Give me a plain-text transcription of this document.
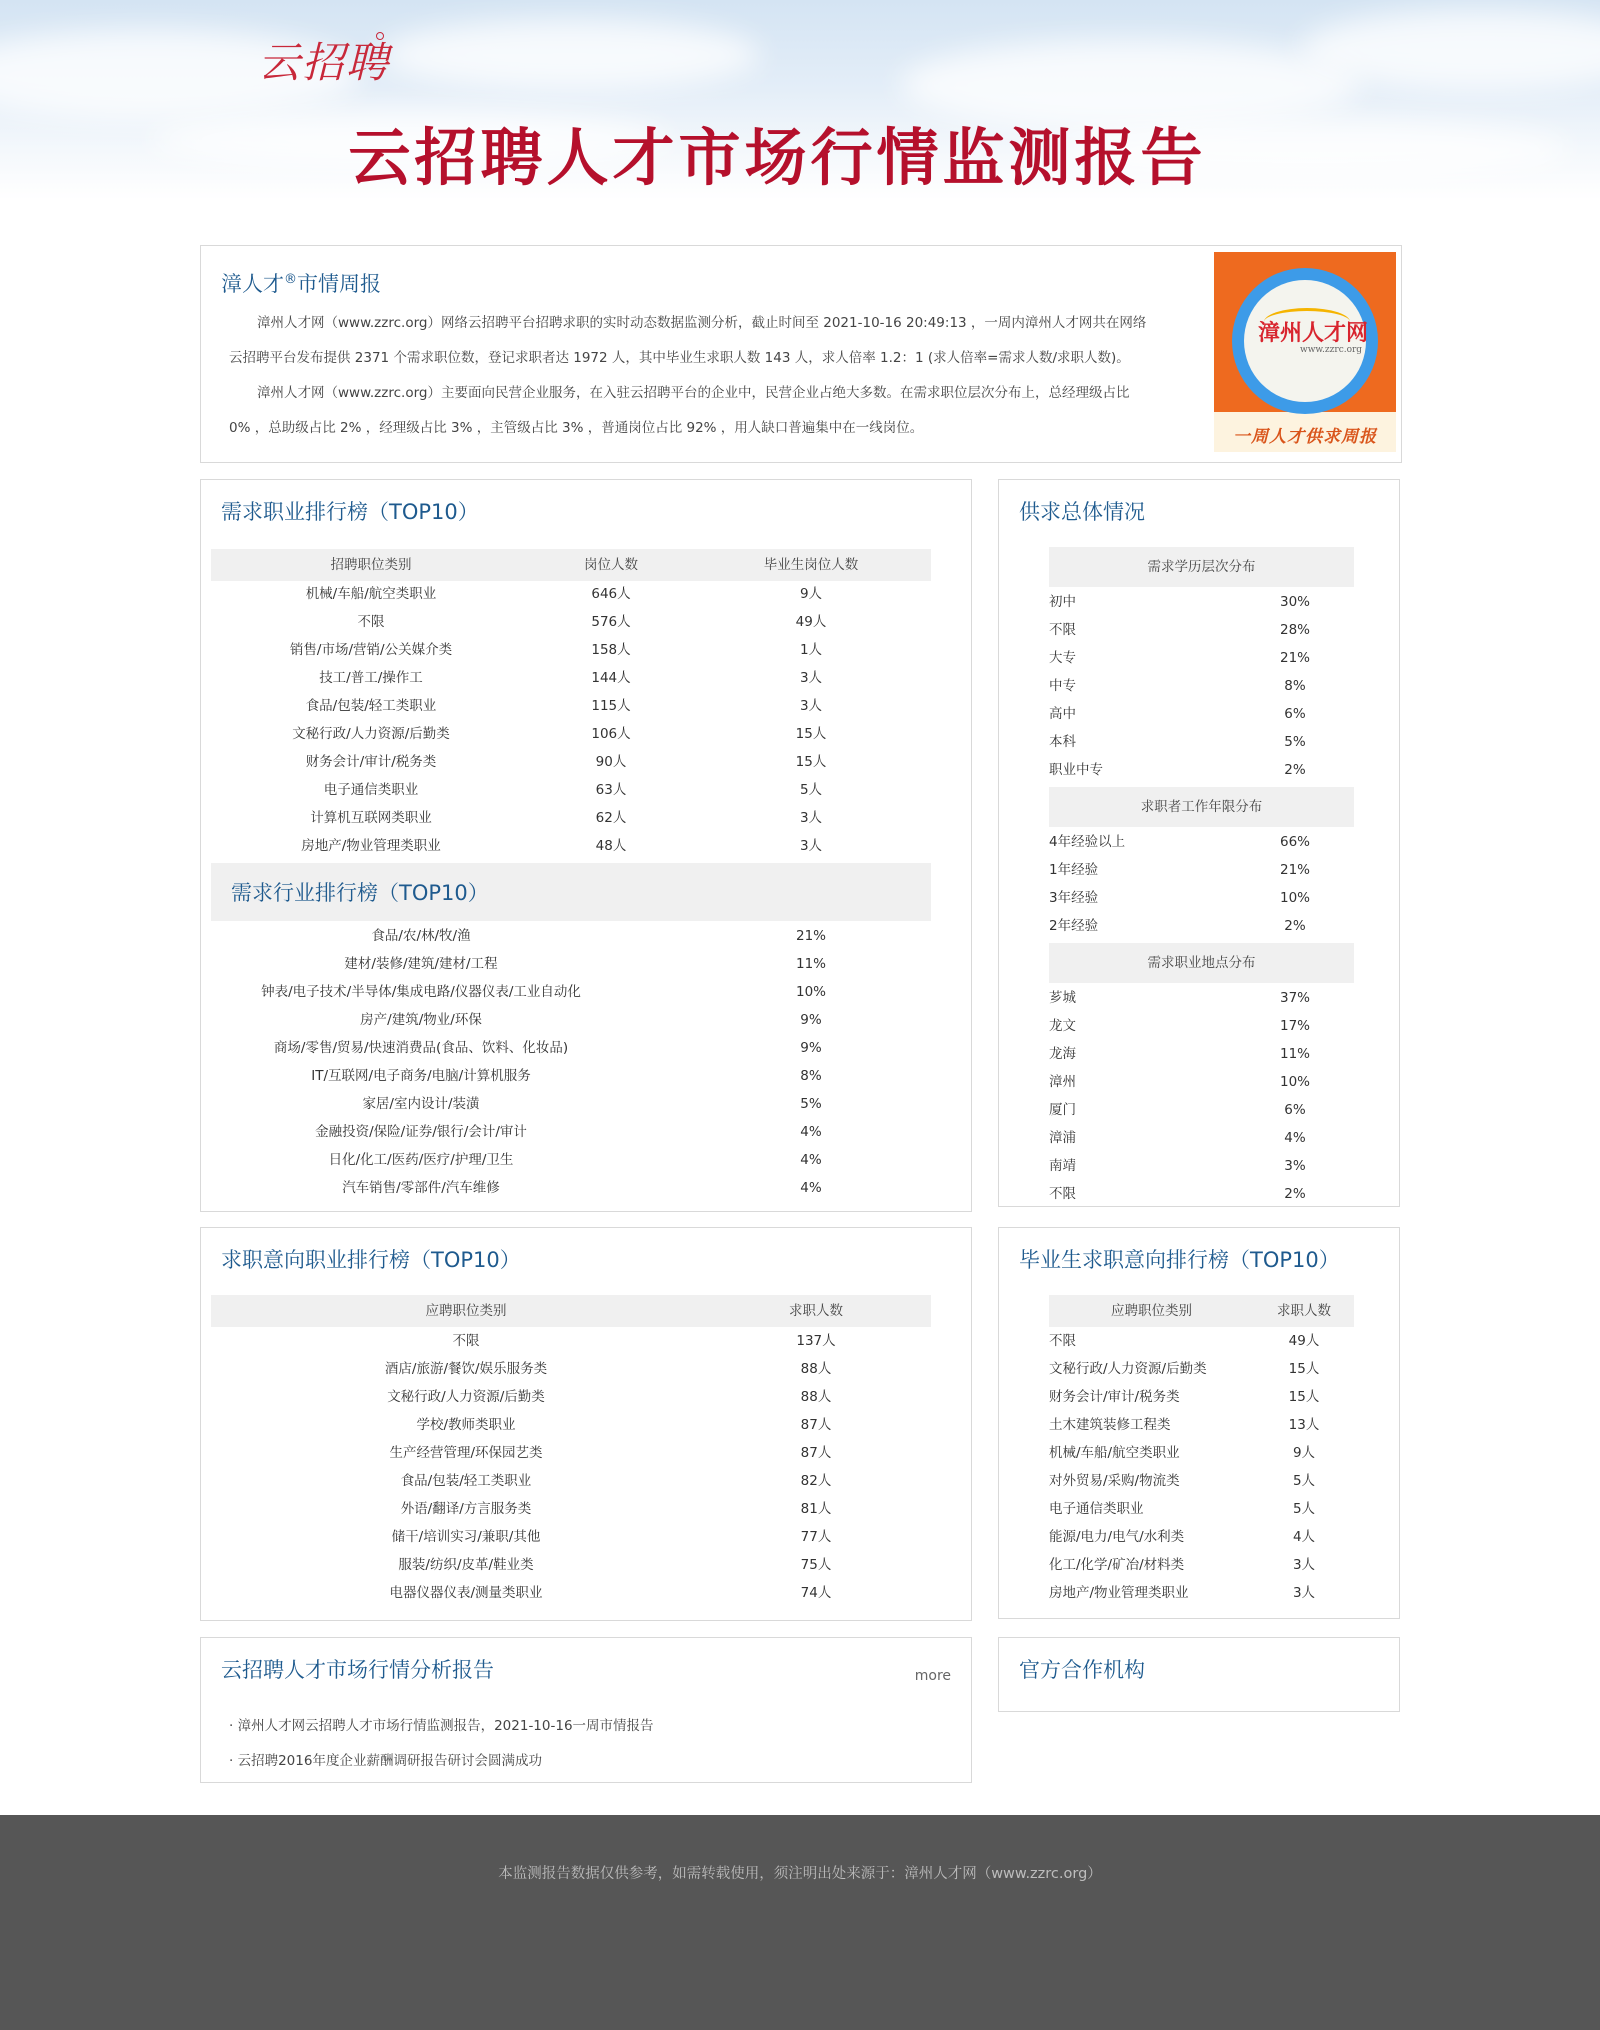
云招聘
云招聘人才市场行情监测报告
漳人才®市情周报
漳州人才网（www.zzrc.org）网络云招聘平台招聘求职的实时动态数据监测分析，截止时间至 2021-10-16 20:49:13 ，一周内漳州人才网共在网络
云招聘平台发布提供 2371 个需求职位数，登记求职者达 1972 人，其中毕业生求职人数 143 人，求人倍率 1.2：1 (求人倍率=需求人数/求职人数)。
漳州人才网（www.zzrc.org）主要面向民营企业服务，在入驻云招聘平台的企业中，民营企业占绝大多数。在需求职位层次分布上，总经理级占比
0% ，总助级占比 2% ，经理级占比 3% ，主管级占比 3% ，普通岗位占比 92% ，用人缺口普遍集中在一线岗位。
漳州人才网
www.zzrc.org
一周人才供求周报
需求职业排行榜（TOP10）
招聘职位类别	岗位人数	毕业生岗位人数
机械/车船/航空类职业	646人	9人
不限	576人	49人
销售/市场/营销/公关媒介类	158人	1人
技工/普工/操作工	144人	3人
食品/包装/轻工类职业	115人	3人
文秘行政/人力资源/后勤类	106人	15人
财务会计/审计/税务类	90人	15人
电子通信类职业	63人	5人
计算机互联网类职业	62人	3人
房地产/物业管理类职业	48人	3人
需求行业排行榜（TOP10）
食品/农/林/牧/渔	21%
建材/装修/建筑/建材/工程	11%
钟表/电子技术/半导体/集成电路/仪器仪表/工业自动化	10%
房产/建筑/物业/环保	9%
商场/零售/贸易/快速消费品(食品、饮料、化妆品)	9%
IT/互联网/电子商务/电脑/计算机服务	8%
家居/室内设计/装潢	5%
金融投资/保险/证券/银行/会计/审计	4%
日化/化工/医药/医疗/护理/卫生	4%
汽车销售/零部件/汽车维修	4%
供求总体情况
需求学历层次分布
初中	30%
不限	28%
大专	21%
中专	8%
高中	6%
本科	5%
职业中专	2%
求职者工作年限分布
4年经验以上	66%
1年经验	21%
3年经验	10%
2年经验	2%
需求职业地点分布
芗城	37%
龙文	17%
龙海	11%
漳州	10%
厦门	6%
漳浦	4%
南靖	3%
不限	2%
求职意向职业排行榜（TOP10）
应聘职位类别	求职人数
不限	137人
酒店/旅游/餐饮/娱乐服务类	88人
文秘行政/人力资源/后勤类	88人
学校/教师类职业	87人
生产经营管理/环保园艺类	87人
食品/包装/轻工类职业	82人
外语/翻译/方言服务类	81人
储干/培训实习/兼职/其他	77人
服装/纺织/皮革/鞋业类	75人
电器仪器仪表/测量类职业	74人
毕业生求职意向排行榜（TOP10）
应聘职位类别	求职人数
不限	49人
文秘行政/人力资源/后勤类	15人
财务会计/审计/税务类	15人
土木建筑装修工程类	13人
机械/车船/航空类职业	9人
对外贸易/采购/物流类	5人
电子通信类职业	5人
能源/电力/电气/水利类	4人
化工/化学/矿冶/材料类	3人
房地产/物业管理类职业	3人
云招聘人才市场行情分析报告	more
· 漳州人才网云招聘人才市场行情监测报告，2021-10-16一周市情报告
· 云招聘2016年度企业薪酬调研报告研讨会圆满成功
官方合作机构
本监测报告数据仅供参考，如需转载使用，须注明出处来源于：漳州人才网（www.zzrc.org）
